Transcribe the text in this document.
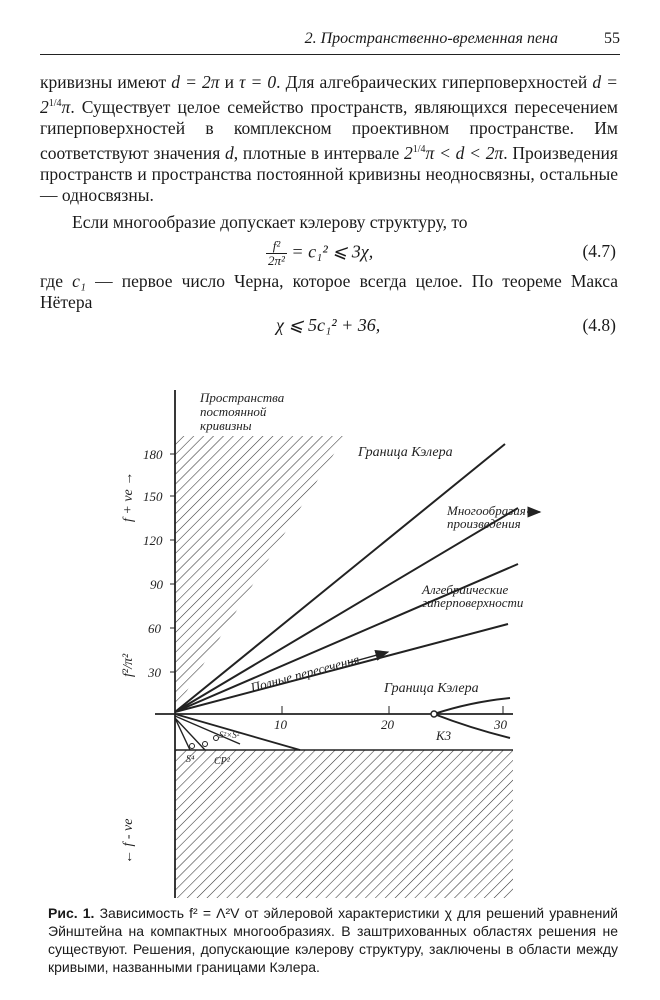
2. Пространственно-временная пена	55

кривизны имеют d = 2π и τ = 0. Для алгебраических гиперповерхностей $d = 2^{1/4}\pi$. Существует целое семейство пространств, являющихся пересечением гиперповерхностей в комплексном проективном пространстве. Им соответствуют значения d, плотные в интервале $2^{1/4}\pi < d < 2\pi$. Произведения пространств и пространства постоянной кривизны неодносвязны, остальные — односвязны.

Если многообразие допускает кэлерову структуру, то

$\frac{\text{f²}}{\text{2π²}} = c_1^2$ ⩽ 3χ,	(4.7)

где c₁ — первое число Черна, которое всегда целое. По теореме Макса Нётера

χ ⩽ 5c₁² + 36,	(4.8)
180
150
120
90
60
30
10	20	30
Пространства
постоянной
кривизны
Граница Кэлера
Многообразия -
произведения
Алгебраические
гиперповерхности
Полные пересечения Граница Кэлера
K3
S²×S²
CP²
S⁴
f + ve →
f²/π²
← f - ve
Рис. 1. Зависимость f² = Λ²V от эйлеровой характеристики χ для решений уравнений Эйнштейна на компактных многообразиях. В заштрихованных областях решения не существуют. Решения, допускающие кэлерову структуру, заключены в области между кривыми, названными границами Кэлера.
